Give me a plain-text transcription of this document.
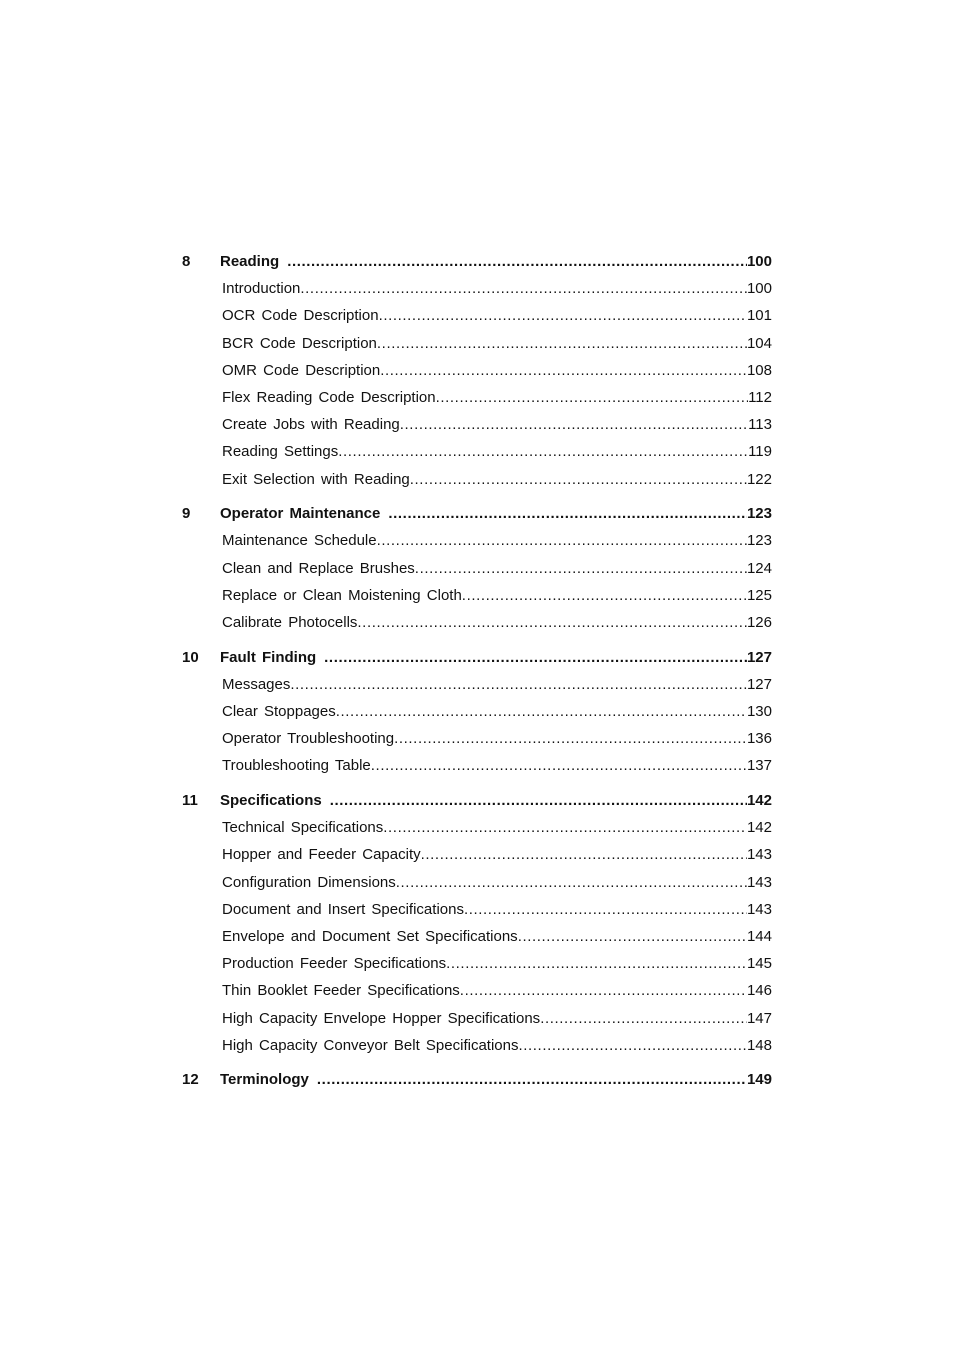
8 Reading .....	100
Introduction .....	100
OCR Code Description .....	101
BCR Code Description .....	104
OMR Code Description .....	108
Flex Reading Code Description .....	112
Create Jobs with Reading .....	113
Reading Settings .....	119
Exit Selection with Reading .....	122
9 Operator Maintenance .....	123
Maintenance Schedule .....	123
Clean and Replace Brushes .....	124
Replace or Clean Moistening Cloth .....	125
Calibrate Photocells .....	126
10 Fault Finding .....	127
Messages .....	127
Clear Stoppages .....	130
Operator Troubleshooting .....	136
Troubleshooting Table .....	137
11 Specifications .....	142
Technical Specifications .....	142
Hopper and Feeder Capacity .....	143
Configuration Dimensions .....	143
Document and Insert Specifications .....	143
Envelope and Document Set Specifications .....	144
Production Feeder Specifications .....	145
Thin Booklet Feeder Specifications .....	146
High Capacity Envelope Hopper Specifications .....	147
High Capacity Conveyor Belt Specifications .....	148
12 Terminology .....	149
